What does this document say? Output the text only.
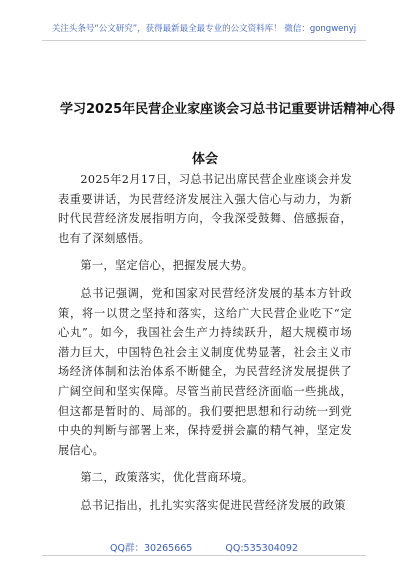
关注头条号“公文研究”，获得最新最全最专业的公文资料库！ 微信：gongwenyj
学习2025年民营企业家座谈会习总书记重要讲话精神心得
体会

2025年2月17日，习总书记出席民营企业座谈会并发表重要讲话，为民营经济发展注入强大信心与动力，为新时代民营经济发展指明方向，令我深受鼓舞、倍感振奋，也有了深刻感悟。

第一，坚定信心，把握发展大势。

总书记强调，党和国家对民营经济发展的基本方针政策，将一以贯之坚持和落实，这给广大民营企业吃下“定心丸”。如今，我国社会生产力持续跃升，超大规模市场潜力巨大，中国特色社会主义制度优势显著，社会主义市场经济体制和法治体系不断健全，为民营经济发展提供了广阔空间和坚实保障。尽管当前民营经济面临一些挑战，但这都是暂时的、局部的。我们要把思想和行动统一到党中央的判断与部署上来，保持爱拼会赢的精气神，坚定发展信心。

第二，政策落实，优化营商环境。

总书记指出，扎扎实实落实促进民营经济发展的政策

QQ群：30265665	QQ:535304092
